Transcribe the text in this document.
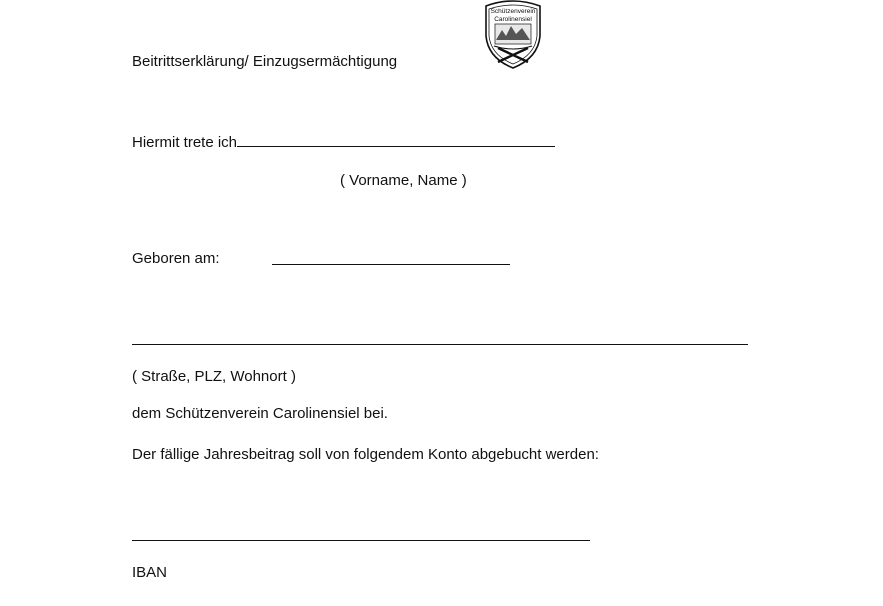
Schützenverein
Carolinensiel
Beitrittserklärung/ Einzugsermächtigung
Hiermit trete ich
( Vorname, Name )
Geboren am:
( Straße, PLZ, Wohnort )
dem Schützenverein Carolinensiel bei.
Der fällige Jahresbeitrag soll von folgendem Konto abgebucht werden:
IBAN
